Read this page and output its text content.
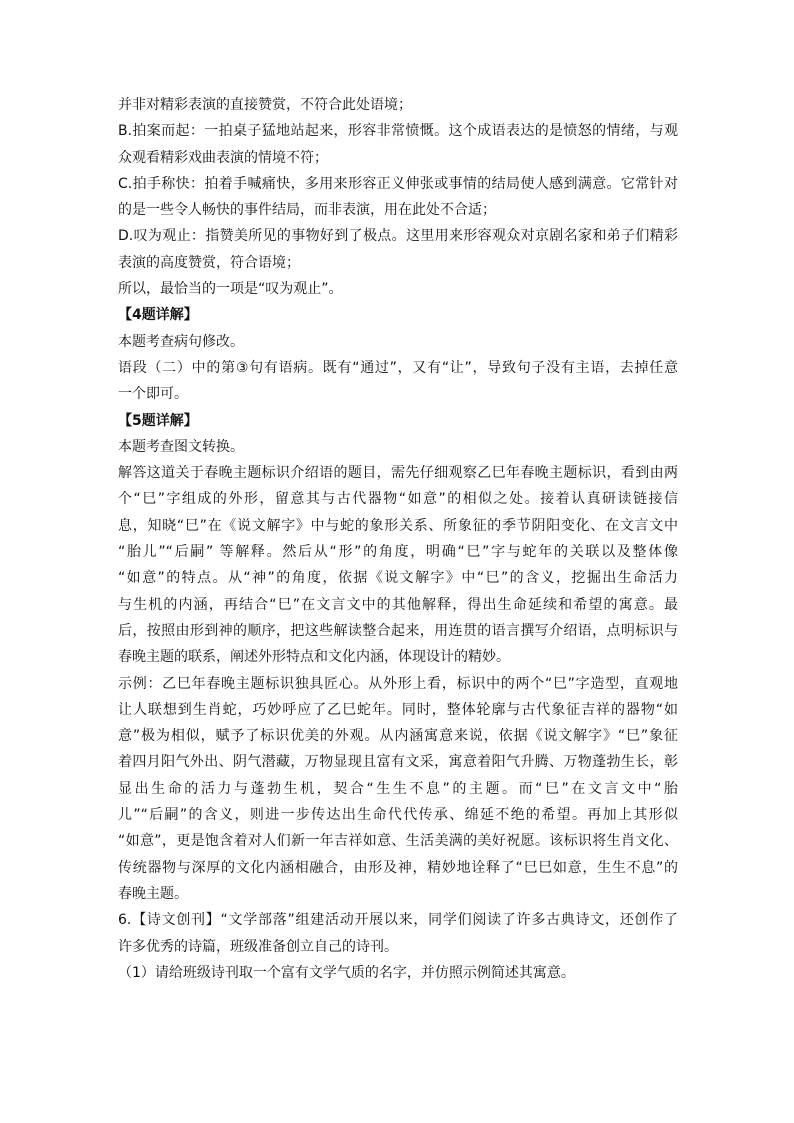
并非对精彩表演的直接赞赏，不符合此处语境；
B.拍案而起：一拍桌子猛地站起来，形容非常愤慨。这个成语表达的是愤怒的情绪，与观
众观看精彩戏曲表演的情境不符；
C.拍手称快：拍着手喊痛快，多用来形容正义伸张或事情的结局使人感到满意。它常针对
的是一些令人畅快的事件结局，而非表演，用在此处不合适；
D.叹为观止：指赞美所见的事物好到了极点。这里用来形容观众对京剧名家和弟子们精彩
表演的高度赞赏，符合语境；
所以，最恰当的一项是“叹为观止”。
【4题详解】
本题考查病句修改。
语段（二）中的第③句有语病。既有“通过”，又有“让”，导致句子没有主语，去掉任意
一个即可。
【5题详解】
本题考查图文转换。
解答这道关于春晚主题标识介绍语的题目，需先仔细观察乙巳年春晚主题标识，看到由两
个“巳”字组成的外形，留意其与古代器物“如意”的相似之处。接着认真研读链接信
息，知晓“巳”在《说文解字》中与蛇的象形关系、所象征的季节阴阳变化、在文言文中
“胎儿”“后嗣” 等解释。然后从“形”的角度，明确“巳”字与蛇年的关联以及整体像
“如意”的特点。从“神”的角度，依据《说文解字》中“巳”的含义，挖掘出生命活力
与生机的内涵，再结合“巳”在文言文中的其他解释，得出生命延续和希望的寓意。最
后，按照由形到神的顺序，把这些解读整合起来，用连贯的语言撰写介绍语，点明标识与
春晚主题的联系，阐述外形特点和文化内涵，体现设计的精妙。
示例：乙巳年春晚主题标识独具匠心。从外形上看，标识中的两个“巳”字造型，直观地
让人联想到生肖蛇，巧妙呼应了乙巳蛇年。同时，整体轮廓与古代象征吉祥的器物“如
意”极为相似，赋予了标识优美的外观。从内涵寓意来说，依据《说文解字》“巳”象征
着四月阳气外出、阴气潜藏，万物显现且富有文采，寓意着阳气升腾、万物蓬勃生长，彰
显出生命的活力与蓬勃生机，契合“生生不息”的主题。而“巳”在文言文中“胎
儿”“后嗣”的含义，则进一步传达出生命代代传承、绵延不绝的希望。再加上其形似
“如意”，更是饱含着对人们新一年吉祥如意、生活美满的美好祝愿。该标识将生肖文化、
传统器物与深厚的文化内涵相融合，由形及神，精妙地诠释了“巳巳如意，生生不息”的
春晚主题。
6.【诗文创刊】“文学部落”组建活动开展以来，同学们阅读了许多古典诗文，还创作了
许多优秀的诗篇，班级准备创立自己的诗刊。
（1）请给班级诗刊取一个富有文学气质的名字，并仿照示例简述其寓意。
